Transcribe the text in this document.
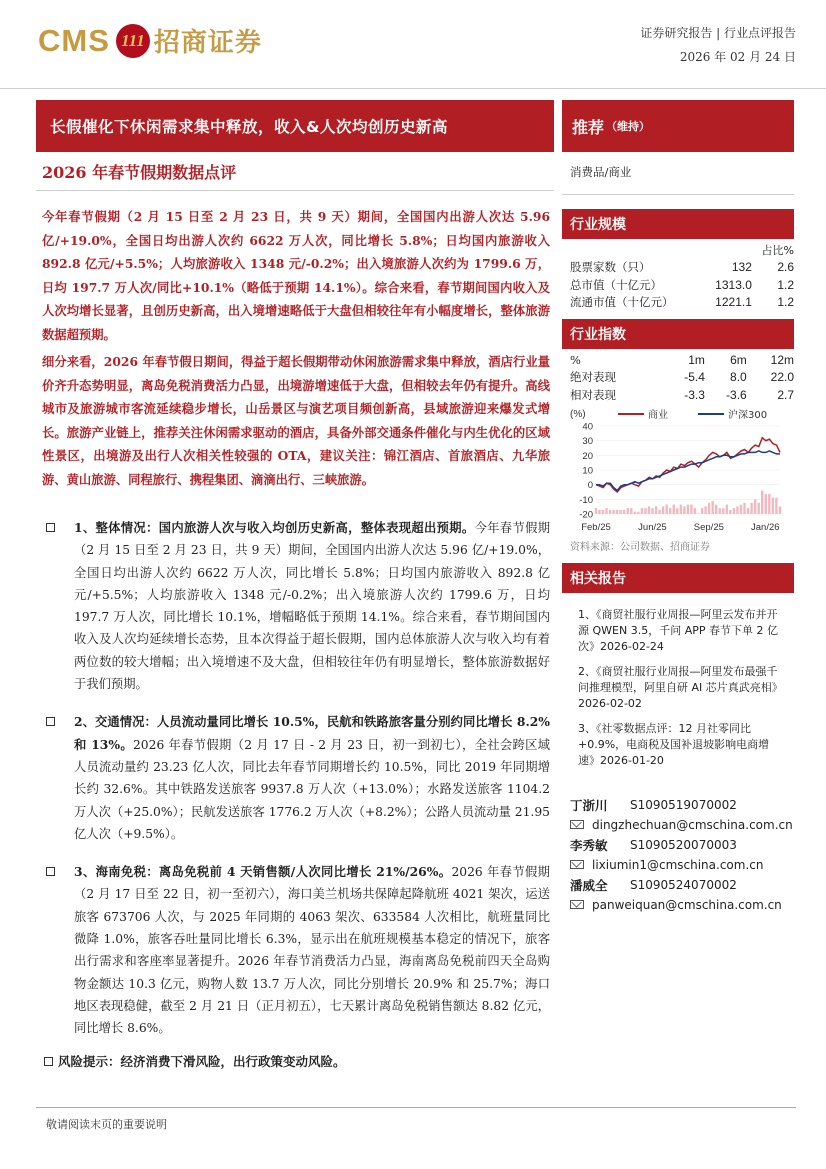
CMS 111 招商证券	证券研究报告 | 行业点评报告
2026 年 02 月 24 日
长假催化下休闲需求集中释放，收入&人次均创历史新高
2026 年春节假期数据点评

今年春节假期（2 月 15 日至 2 月 23 日，共 9 天）期间，全国国内出游人次达 5.96 亿/+19.0%，全国日均出游人次约 6622 万人次，同比增长 5.8%；日均国内旅游收入 892.8 亿元/+5.5%；人均旅游收入 1348 元/-0.2%；出入境旅游人次约为 1799.6 万，日均 197.7 万人次/同比+10.1%（略低于预期 14.1%）。综合来看，春节期间国内收入及人次均增长显著，且创历史新高，出入境增速略低于大盘但相较往年有小幅度增长，整体旅游数据超预期。

细分来看，2026 年春节假日期间，得益于超长假期带动休闲旅游需求集中释放，酒店行业量价齐升态势明显，离岛免税消费活力凸显，出境游增速低于大盘，但相较去年仍有提升。高线城市及旅游城市客流延续稳步增长，山岳景区与演艺项目频创新高，县域旅游迎来爆发式增长。旅游产业链上，推荐关注休闲需求驱动的酒店，具备外部交通条件催化与内生优化的区域性景区，出境游及出行人次相关性较强的 OTA，建议关注：锦江酒店、首旅酒店、九华旅游、黄山旅游、同程旅行、携程集团、滴滴出行、三峡旅游。

1、整体情况：国内旅游人次与收入均创历史新高，整体表现超出预期。今年春节假期（2 月 15 日至 2 月 23 日，共 9 天）期间，全国国内出游人次达 5.96 亿/+19.0%，全国日均出游人次约 6622 万人次，同比增长 5.8%；日均国内旅游收入 892.8 亿元/+5.5%；人均旅游收入 1348 元/-0.2%；出入境旅游人次约 1799.6 万，日均 197.7 万人次，同比增长 10.1%，增幅略低于预期 14.1%。综合来看，春节期间国内收入及人次均延续增长态势，且本次得益于超长假期，国内总体旅游人次与收入均有着两位数的较大增幅；出入境增速不及大盘，但相较往年仍有明显增长，整体旅游数据好于我们预期。
2、交通情况：人员流动量同比增长 10.5%，民航和铁路旅客量分别约同比增长 8.2%和 13%。2026 年春节假期（2 月 17 日 - 2 月 23 日，初一到初七），全社会跨区域人员流动量约 23.23 亿人次，同比去年春节同期增长约 10.5%，同比 2019 年同期增长约 32.6%。其中铁路发送旅客 9937.8 万人次（+13.0%）；水路发送旅客 1104.2 万人次（+25.0%）；民航发送旅客 1776.2 万人次（+8.2%）；公路人员流动量 21.95 亿人次（+9.5%）。
3、海南免税：离岛免税前 4 天销售额/人次同比增长 21%/26%。2026 年春节假期（2 月 17 日至 22 日，初一至初六），海口美兰机场共保障起降航班 4021 架次，运送旅客 673706 人次，与 2025 年同期的 4063 架次、633584 人次相比，航班量同比微降 1.0%，旅客吞吐量同比增长 6.3%，显示出在航班规模基本稳定的情况下，旅客出行需求和客座率显著提升。2026 年春节消费活力凸显，海南离岛免税前四天全岛购物金额达 10.3 亿元，购物人数 13.7 万人次，同比分别增长 20.9% 和 25.7%；海口地区表现稳健，截至 2 月 21 日（正月初五），七天累计离岛免税销售额达 8.82 亿元，同比增长 8.6%。
风险提示：经济消费下滑风险，出行政策变动风险。
推荐 （维持）
消费品/商业
行业规模
		占比%
股票家数（只）	132	2.6
总市值（十亿元）	1313.0	1.2
流通市值（十亿元）	1221.1	1.2
行业指数
%	1m	6m	12m
绝对表现	-5.4	8.0	22.0
相对表现	-3.3	-3.6	2.7
(%)	商业	沪深300
40
30
20
10
0
-10
-20
Feb/25	Jun/25	Sep/25	Jan/26
资料来源：公司数据、招商证券
相关报告
1、《商贸社服行业周报—阿里云发布并开源 QWEN 3.5，千问 APP 春节下单 2 亿次》2026-02-24
2、《商贸社服行业周报—阿里发布最强千问推理模型，阿里自研 AI 芯片真武亮相》2026-02-02
3、《社零数据点评：12 月社零同比+0.9%，电商税及国补退坡影响电商增速》2026-01-20
丁浙川	S1090519070002
dingzhechuan@cmschina.com.cn
李秀敏	S1090520070003
lixiumin1@cmschina.com.cn
潘威全	S1090524070002
panweiquan@cmschina.com.cn
敬请阅读末页的重要说明
